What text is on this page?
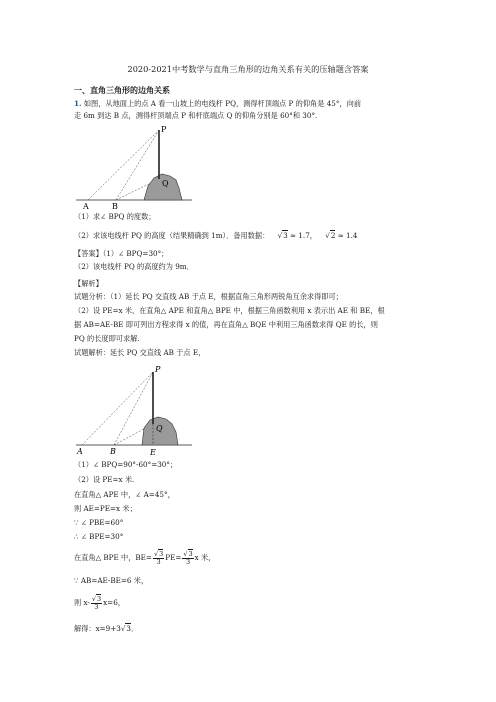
2020-2021中考数学与直角三角形的边角关系有关的压轴题含答案
一、直角三角形的边角关系
1. 如图，从地面上的点 A 看一山坡上的电线杆 PQ，测得杆顶端点 P 的仰角是 45°，向前
走 6m 到达 B 点，测得杆顶端点 P 和杆底端点 Q 的仰角分别是 60°和 30°.
P
Q
A	B
（1）求∠ BPQ 的度数；
（2）求该电线杆 PQ 的高度（结果精确到 1m）．备用数据： √3 ≈ 1.7， √2 ≈ 1.4
【答案】（1）∠ BPQ=30°；
（2）该电线杆 PQ 的高度约为 9m．
【解析】
试题分析：（1）延长 PQ 交直线 AB 于点 E，根据直角三角形两锐角互余求得即可；
（2）设 PE=x 米，在直角△ APE 和直角△ BPE 中，根据三角函数利用 x 表示出 AE 和 BE，根
据 AB=AE-BE 即可列出方程求得 x 的值，再在直角△ BQE 中利用三角函数求得 QE 的长，则
PQ 的长度即可求解.
试题解析：延长 PQ 交直线 AB 于点 E，
P
Q
A	B	E
（1）∠ BPQ=90°-60°=30°；
（2）设 PE=x 米.
在直角△ APE 中，∠ A=45°，
则 AE=PE=x 米；
∵ ∠ PBE=60°
∴ ∠ BPE=30°
在直角△ BPE 中，$BE= \frac{√3}{3} PE= \frac{√3}{3}$ x 米，
∵ AB=AE-BE=6 米，
则 $x- \frac{√3}{3} x=6$，
解得：x=9+3√3．
